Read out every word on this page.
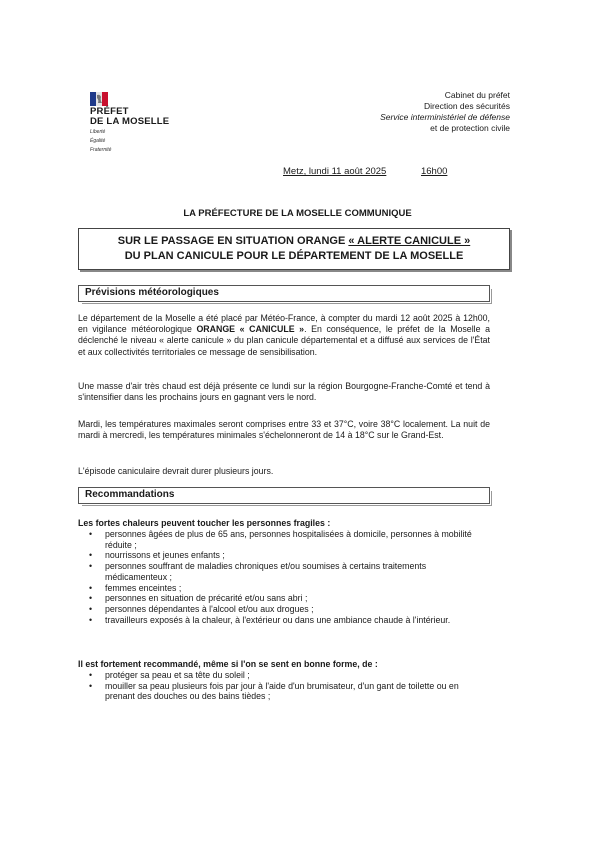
PRÉFET
DE LA MOSELLE
Liberté
Égalité
Fraternité
Cabinet du préfet
Direction des sécurités
Service interministériel de défense
et de protection civile
Metz, lundi 11 août 2025	16h00
LA PRÉFECTURE DE LA MOSELLE COMMUNIQUE
SUR LE PASSAGE EN SITUATION ORANGE « ALERTE CANICULE »
DU PLAN CANICULE POUR LE DÉPARTEMENT DE LA MOSELLE
Prévisions météorologiques
Le département de la Moselle a été placé par Météo-France, à compter du mardi 12 août 2025 à 12h00, en vigilance météorologique ORANGE « CANICULE ». En conséquence, le préfet de la Moselle a déclenché le niveau « alerte canicule » du plan canicule départemental et a diffusé aux services de l'État et aux collectivités territoriales ce message de sensibilisation.
Une masse d'air très chaud est déjà présente ce lundi sur la région Bourgogne-Franche-Comté et tend à s'intensifier dans les prochains jours en gagnant vers le nord.
Mardi, les températures maximales seront comprises entre 33 et 37°C, voire 38°C localement. La nuit de mardi à mercredi, les températures minimales s'échelonneront de 14 à 18°C sur le Grand-Est.
L'épisode caniculaire devrait durer plusieurs jours.
Recommandations
Les fortes chaleurs peuvent toucher les personnes fragiles :
• personnes âgées de plus de 65 ans, personnes hospitalisées à domicile, personnes à mobilité réduite ;
• nourrissons et jeunes enfants ;
• personnes souffrant de maladies chroniques et/ou soumises à certains traitements médicamenteux ;
• femmes enceintes ;
• personnes en situation de précarité et/ou sans abri ;
• personnes dépendantes à l'alcool et/ou aux drogues ;
• travailleurs exposés à la chaleur, à l'extérieur ou dans une ambiance chaude à l'intérieur.
Il est fortement recommandé, même si l'on se sent en bonne forme, de :
• protéger sa peau et sa tête du soleil ;
• mouiller sa peau plusieurs fois par jour à l'aide d'un brumisateur, d'un gant de toilette ou en prenant des douches ou des bains tièdes ;
